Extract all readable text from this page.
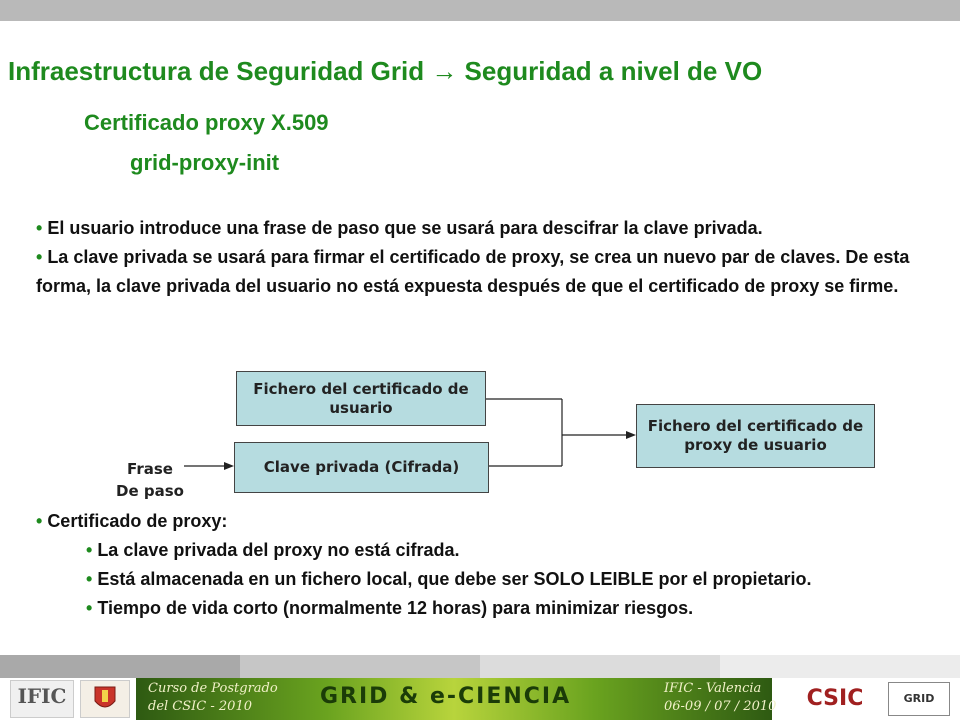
Infraestructura de Seguridad Grid → Seguridad a nivel de VO
Certificado proxy X.509
grid-proxy-init
• El usuario introduce una frase de paso que se usará para descifrar la clave privada.
• La clave privada se usará para firmar el certificado de proxy, se crea un nuevo par de claves. De esta forma, la clave privada del usuario no está expuesta después de que el certificado de proxy se firme.
Fichero del certificado de usuario
Clave privada (Cifrada)
Fichero del certificado de proxy de usuario
Frase
De paso
• Certificado de proxy:
• La clave privada del proxy no está cifrada.
• Está almacenada en un fichero local, que debe ser SOLO LEIBLE por el propietario.
• Tiempo de vida corto (normalmente 12 horas) para minimizar riesgos.
IFIC	Curso de Postgrado
del CSIC - 2010	GRID & e-CIENCIA	IFIC - Valencia
06-09 / 07 / 2010	CSIC	GRID
